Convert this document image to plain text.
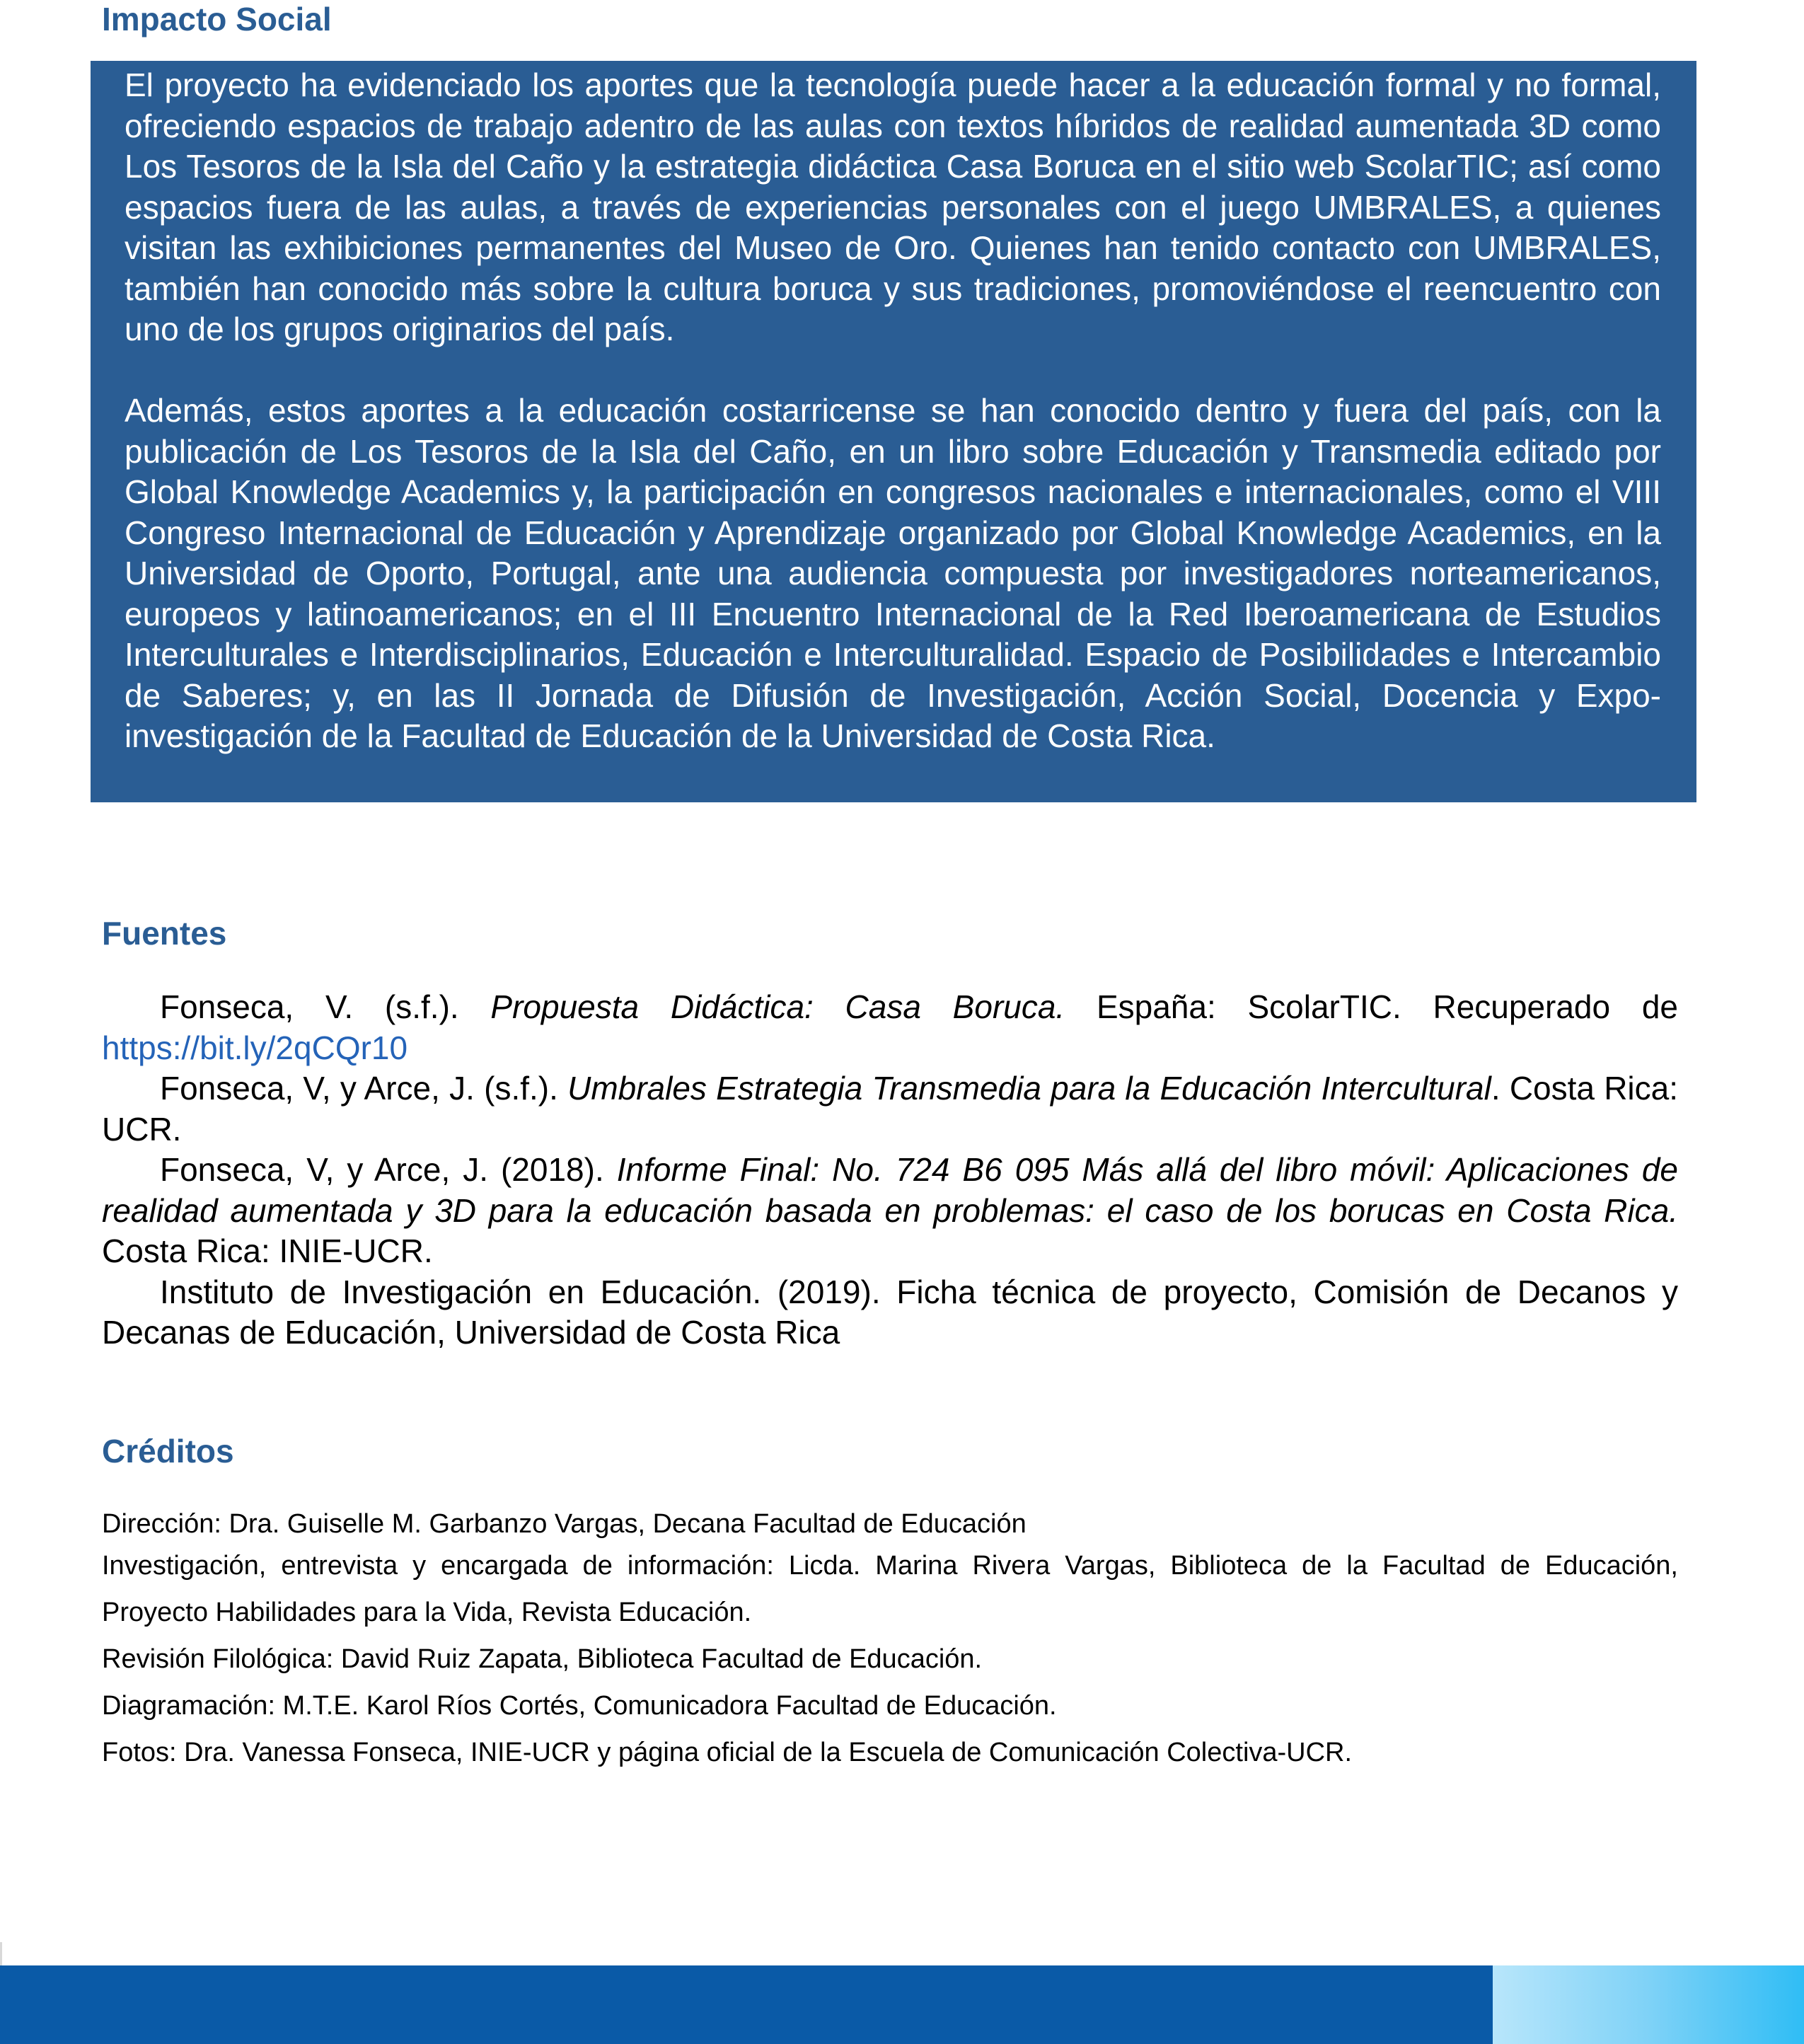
Impacto Social

El proyecto ha evidenciado los aportes que la tecnología puede hacer a la educación formal y no formal, ofreciendo espacios de trabajo adentro de las aulas con textos híbridos de realidad aumentada 3D como Los Tesoros de la Isla del Caño y la estrategia didáctica Casa Boruca en el sitio web ScolarTIC; así como espacios fuera de las aulas, a través de experiencias personales con el juego UMBRALES, a quienes visitan las exhibiciones permanentes del Museo de Oro. Quienes han tenido contacto con UMBRALES, también han conocido más sobre la cultura boruca y sus tradiciones, promoviéndose el reencuentro con uno de los grupos originarios del país.

Además, estos aportes a la educación costarricense se han conocido dentro y fuera del país, con la publicación de Los Tesoros de la Isla del Caño, en un libro sobre Educación y Transmedia editado por Global Knowledge Academics y, la participación en congresos nacionales e internacionales, como el VIII Congreso Internacional de Educación y Aprendizaje organizado por Global Knowledge Academics, en la Universidad de Oporto, Portugal, ante una audiencia compuesta por investigadores norteamericanos, europeos y latinoamericanos; en el III Encuentro Internacional de la Red Iberoamericana de Estudios Interculturales e Interdisciplinarios, Educación e Interculturalidad. Espacio de Posibilidades e Intercambio de Saberes; y, en las II Jornada de Difusión de Investigación, Acción Social, Docencia y Expo-investigación de la Facultad de Educación de la Universidad de Costa Rica.

Fuentes

Fonseca, V. (s.f.). Propuesta Didáctica: Casa Boruca. España: ScolarTIC. Recuperado de https://bit.ly/2qCQr10

Fonseca, V, y Arce, J. (s.f.). Umbrales Estrategia Transmedia para la Educación Intercultural. Costa Rica: UCR.

Fonseca, V, y Arce, J. (2018). Informe Final: No. 724 B6 095 Más allá del libro móvil: Aplicaciones de realidad aumentada y 3D para la educación basada en problemas: el caso de los borucas en Costa Rica. Costa Rica: INIE-UCR.

Instituto de Investigación en Educación. (2019). Ficha técnica de proyecto, Comisión de Decanos y Decanas de Educación, Universidad de Costa Rica

Créditos

Dirección: Dra. Guiselle M. Garbanzo Vargas, Decana Facultad de Educación

Investigación, entrevista y encargada de información: Licda. Marina Rivera Vargas, Biblioteca de la Facultad de Educación, Proyecto Habilidades para la Vida, Revista Educación.

Revisión Filológica: David Ruiz Zapata, Biblioteca Facultad de Educación.

Diagramación: M.T.E. Karol Ríos Cortés, Comunicadora Facultad de Educación.

Fotos: Dra. Vanessa Fonseca, INIE-UCR y página oficial de la Escuela de Comunicación Colectiva-UCR.
